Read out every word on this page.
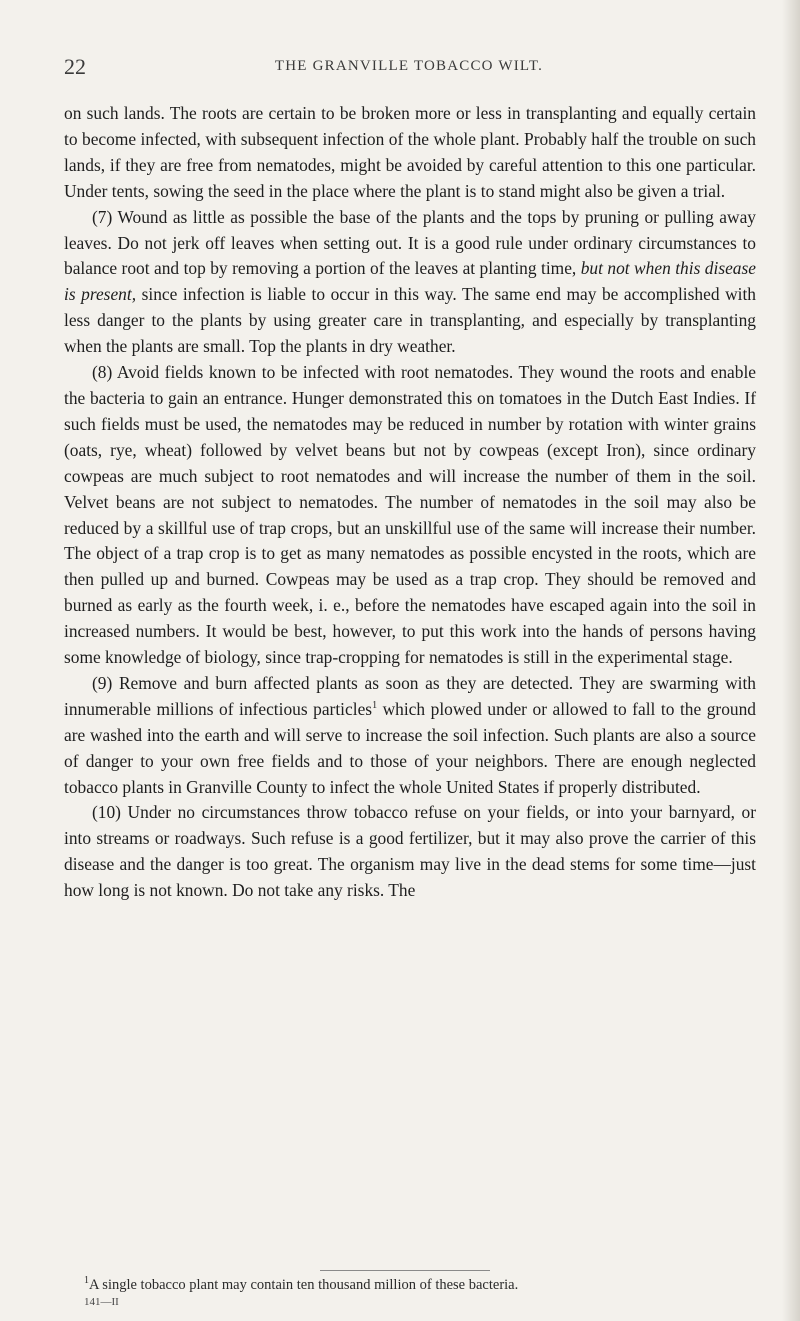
22	THE GRANVILLE TOBACCO WILT.

on such lands. The roots are certain to be broken more or less in transplanting and equally certain to become infected, with subsequent infection of the whole plant. Probably half the trouble on such lands, if they are free from nematodes, might be avoided by careful attention to this one particular. Under tents, sowing the seed in the place where the plant is to stand might also be given a trial.

(7) Wound as little as possible the base of the plants and the tops by pruning or pulling away leaves. Do not jerk off leaves when setting out. It is a good rule under ordinary circumstances to balance root and top by removing a portion of the leaves at planting time, but not when this disease is present, since infection is liable to occur in this way. The same end may be accomplished with less danger to the plants by using greater care in transplanting, and especially by transplanting when the plants are small. Top the plants in dry weather.

(8) Avoid fields known to be infected with root nematodes. They wound the roots and enable the bacteria to gain an entrance. Hunger demonstrated this on tomatoes in the Dutch East Indies. If such fields must be used, the nematodes may be reduced in number by rotation with winter grains (oats, rye, wheat) followed by velvet beans but not by cowpeas (except Iron), since ordinary cowpeas are much subject to root nematodes and will increase the number of them in the soil. Velvet beans are not subject to nematodes. The number of nematodes in the soil may also be reduced by a skillful use of trap crops, but an unskillful use of the same will increase their number. The object of a trap crop is to get as many nematodes as possible encysted in the roots, which are then pulled up and burned. Cowpeas may be used as a trap crop. They should be removed and burned as early as the fourth week, i. e., before the nematodes have escaped again into the soil in increased numbers. It would be best, however, to put this work into the hands of persons having some knowledge of biology, since trap-cropping for nematodes is still in the experimental stage.

(9) Remove and burn affected plants as soon as they are detected. They are swarming with innumerable millions of infectious particles$^1$ which plowed under or allowed to fall to the ground are washed into the earth and will serve to increase the soil infection. Such plants are also a source of danger to your own free fields and to those of your neighbors. There are enough neglected tobacco plants in Granville County to infect the whole United States if properly distributed.

(10) Under no circumstances throw tobacco refuse on your fields, or into your barnyard, or into streams or roadways. Such refuse is a good fertilizer, but it may also prove the carrier of this disease and the danger is too great. The organism may live in the dead stems for some time—just how long is not known. Do not take any risks. The

$^1$A single tobacco plant may contain ten thousand million of these bacteria.
141—II
